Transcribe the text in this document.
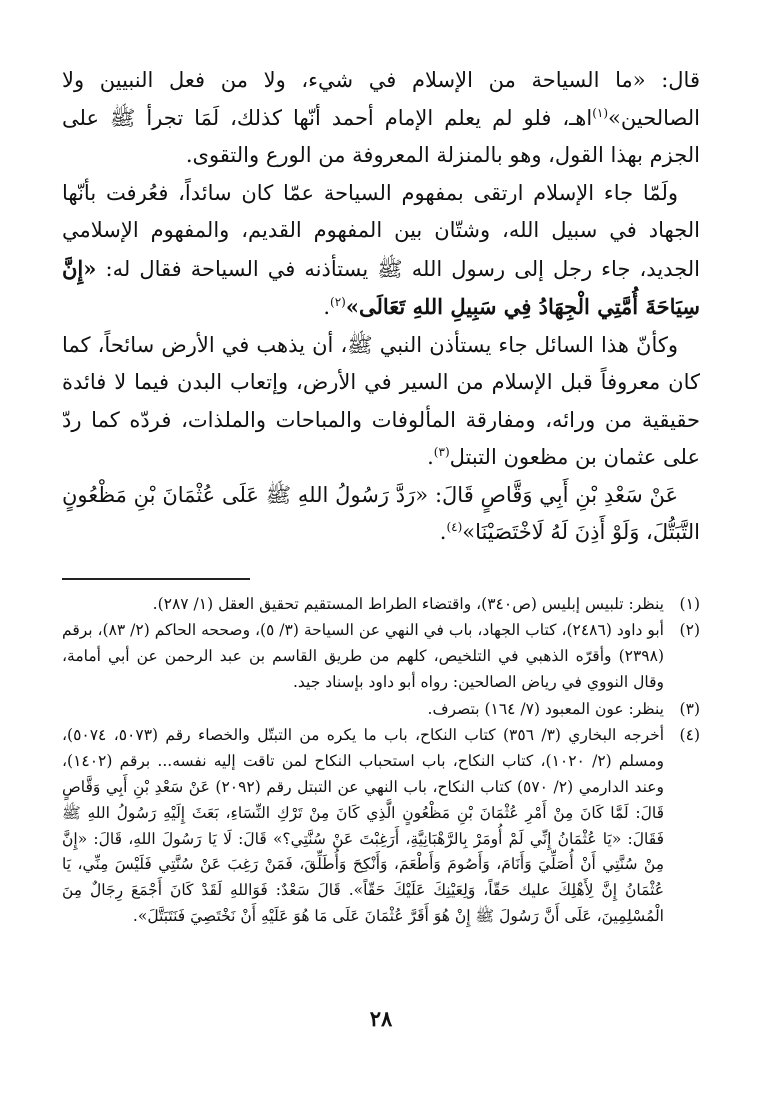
قال: «ما السياحة من الإسلام في شيء، ولا من فعل النبيين ولا الصالحين»$^{(١)}$اهـ، فلو لم يعلم الإمام أحمد أنّها كذلك، لَمَا تجرأ ﷺ على الجزم بهذا القول، وهو بالمنزلة المعروفة من الورع والتقوى.

ولَمّا جاء الإسلام ارتقى بمفهوم السياحة عمّا كان سائداً، فعُرفت بأنّها الجهاد في سبيل الله، وشتّان بين المفهوم القديم، والمفهوم الإسلامي الجديد، جاء رجل إلى رسول الله ﷺ يستأذنه في السياحة فقال له: «إِنَّ سِيَاحَةَ أُمَّتِي الْجِهَادُ فِي سَبِيلِ اللهِ تَعَالَى»$^{(٢)}$.

وكأنّ هذا السائل جاء يستأذن النبي ﷺ، أن يذهب في الأرض سائحاً، كما كان معروفاً قبل الإسلام من السير في الأرض، وإتعاب البدن فيما لا فائدة حقيقية من ورائه، ومفارقة المألوفات والمباحات والملذات، فردّه كما ردّ على عثمان بن مظعون التبتل$^{(٣)}$.

عَنْ سَعْدِ بْنِ أَبِي وَقَّاصٍ قَالَ: «رَدَّ رَسُولُ اللهِ ﷺ عَلَى عُثْمَانَ بْنِ مَظْعُونٍ التَّبَتُّلَ، وَلَوْ أَذِنَ لَهُ لَاخْتَصَيْنَا»$^{(٤)}$.

(١)
ينظر: تلبيس إبليس (ص٣٤٠)، واقتضاء الطراط المستقيم تحقيق العقل (١/ ٢٨٧).
(٢)
أبو داود (٢٤٨٦)، كتاب الجهاد، باب في النهي عن السياحة (٣/ ٥)، وصححه الحاكم (٢/ ٨٣)، برقم (٢٣٩٨) وأقرّه الذهبي في التلخيص، كلهم من طريق القاسم بن عبد الرحمن عن أبي أمامة، وقال النووي في رياض الصالحين: رواه أبو داود بإسناد جيد.
(٣)
ينظر: عون المعبود (٧/ ١٦٤) بتصرف.
(٤)
أخرجه البخاري (٣/ ٣٥٦) كتاب النكاح، باب ما يكره من التبتّل والخصاء رقم (٥٠٧٣، ٥٠٧٤)، ومسلم (٢/ ١٠٢٠)، كتاب النكاح، باب استحباب النكاح لمن تاقت إليه نفسه... برقم (١٤٠٢)، وعند الدارمي (٢/ ٥٧٠) كتاب النكاح، باب النهي عن التبتل رقم (٢٠٩٢) عَنْ سَعْدِ بْنِ أَبِي وَقَّاصٍ قَالَ: لَمَّا كَانَ مِنْ أَمْرِ عُثْمَانَ بْنِ مَظْعُونٍ الَّذِي كَانَ مِنْ تَرْكِ النِّسَاءِ، بَعَثَ إِلَيْهِ رَسُولُ اللهِ ﷺ فَقَالَ: «يَا عُثْمَانُ إِنِّي لَمْ أُومَرْ بِالرَّهْبَانِيَّةِ، أَرَغِبْتَ عَنْ سُنَّتِي؟» قَالَ: لَا يَا رَسُولَ اللهِ، قَالَ: «إِنَّ مِنْ سُنَّتِي أَنْ أُصَلِّيَ وَأَنَامَ، وَأَصُومَ وَأَطْعَمَ، وَأَنْكِحَ وَأُطَلِّقَ، فَمَنْ رَغِبَ عَنْ سُنَّتِي فَلَيْسَ مِنِّي، يَا عُثْمَانُ إِنَّ لِأَهْلِكَ عليك حَقّاً، وَلِعَيْنِكَ عَلَيْكَ حَقّاً». قَالَ سَعْدٌ: فَوَاللهِ لَقَدْ كَانَ أَجْمَعَ رِجَالٌ مِنَ الْمُسْلِمِينَ، عَلَى أَنَّ رَسُولَ ﷺ إِنْ هُوَ أَقَرَّ عُثْمَانَ عَلَى مَا هُوَ عَلَيْهِ أَنْ نَخْتَصِيَ فَنَتَبَتَّلَ».
٢٨
